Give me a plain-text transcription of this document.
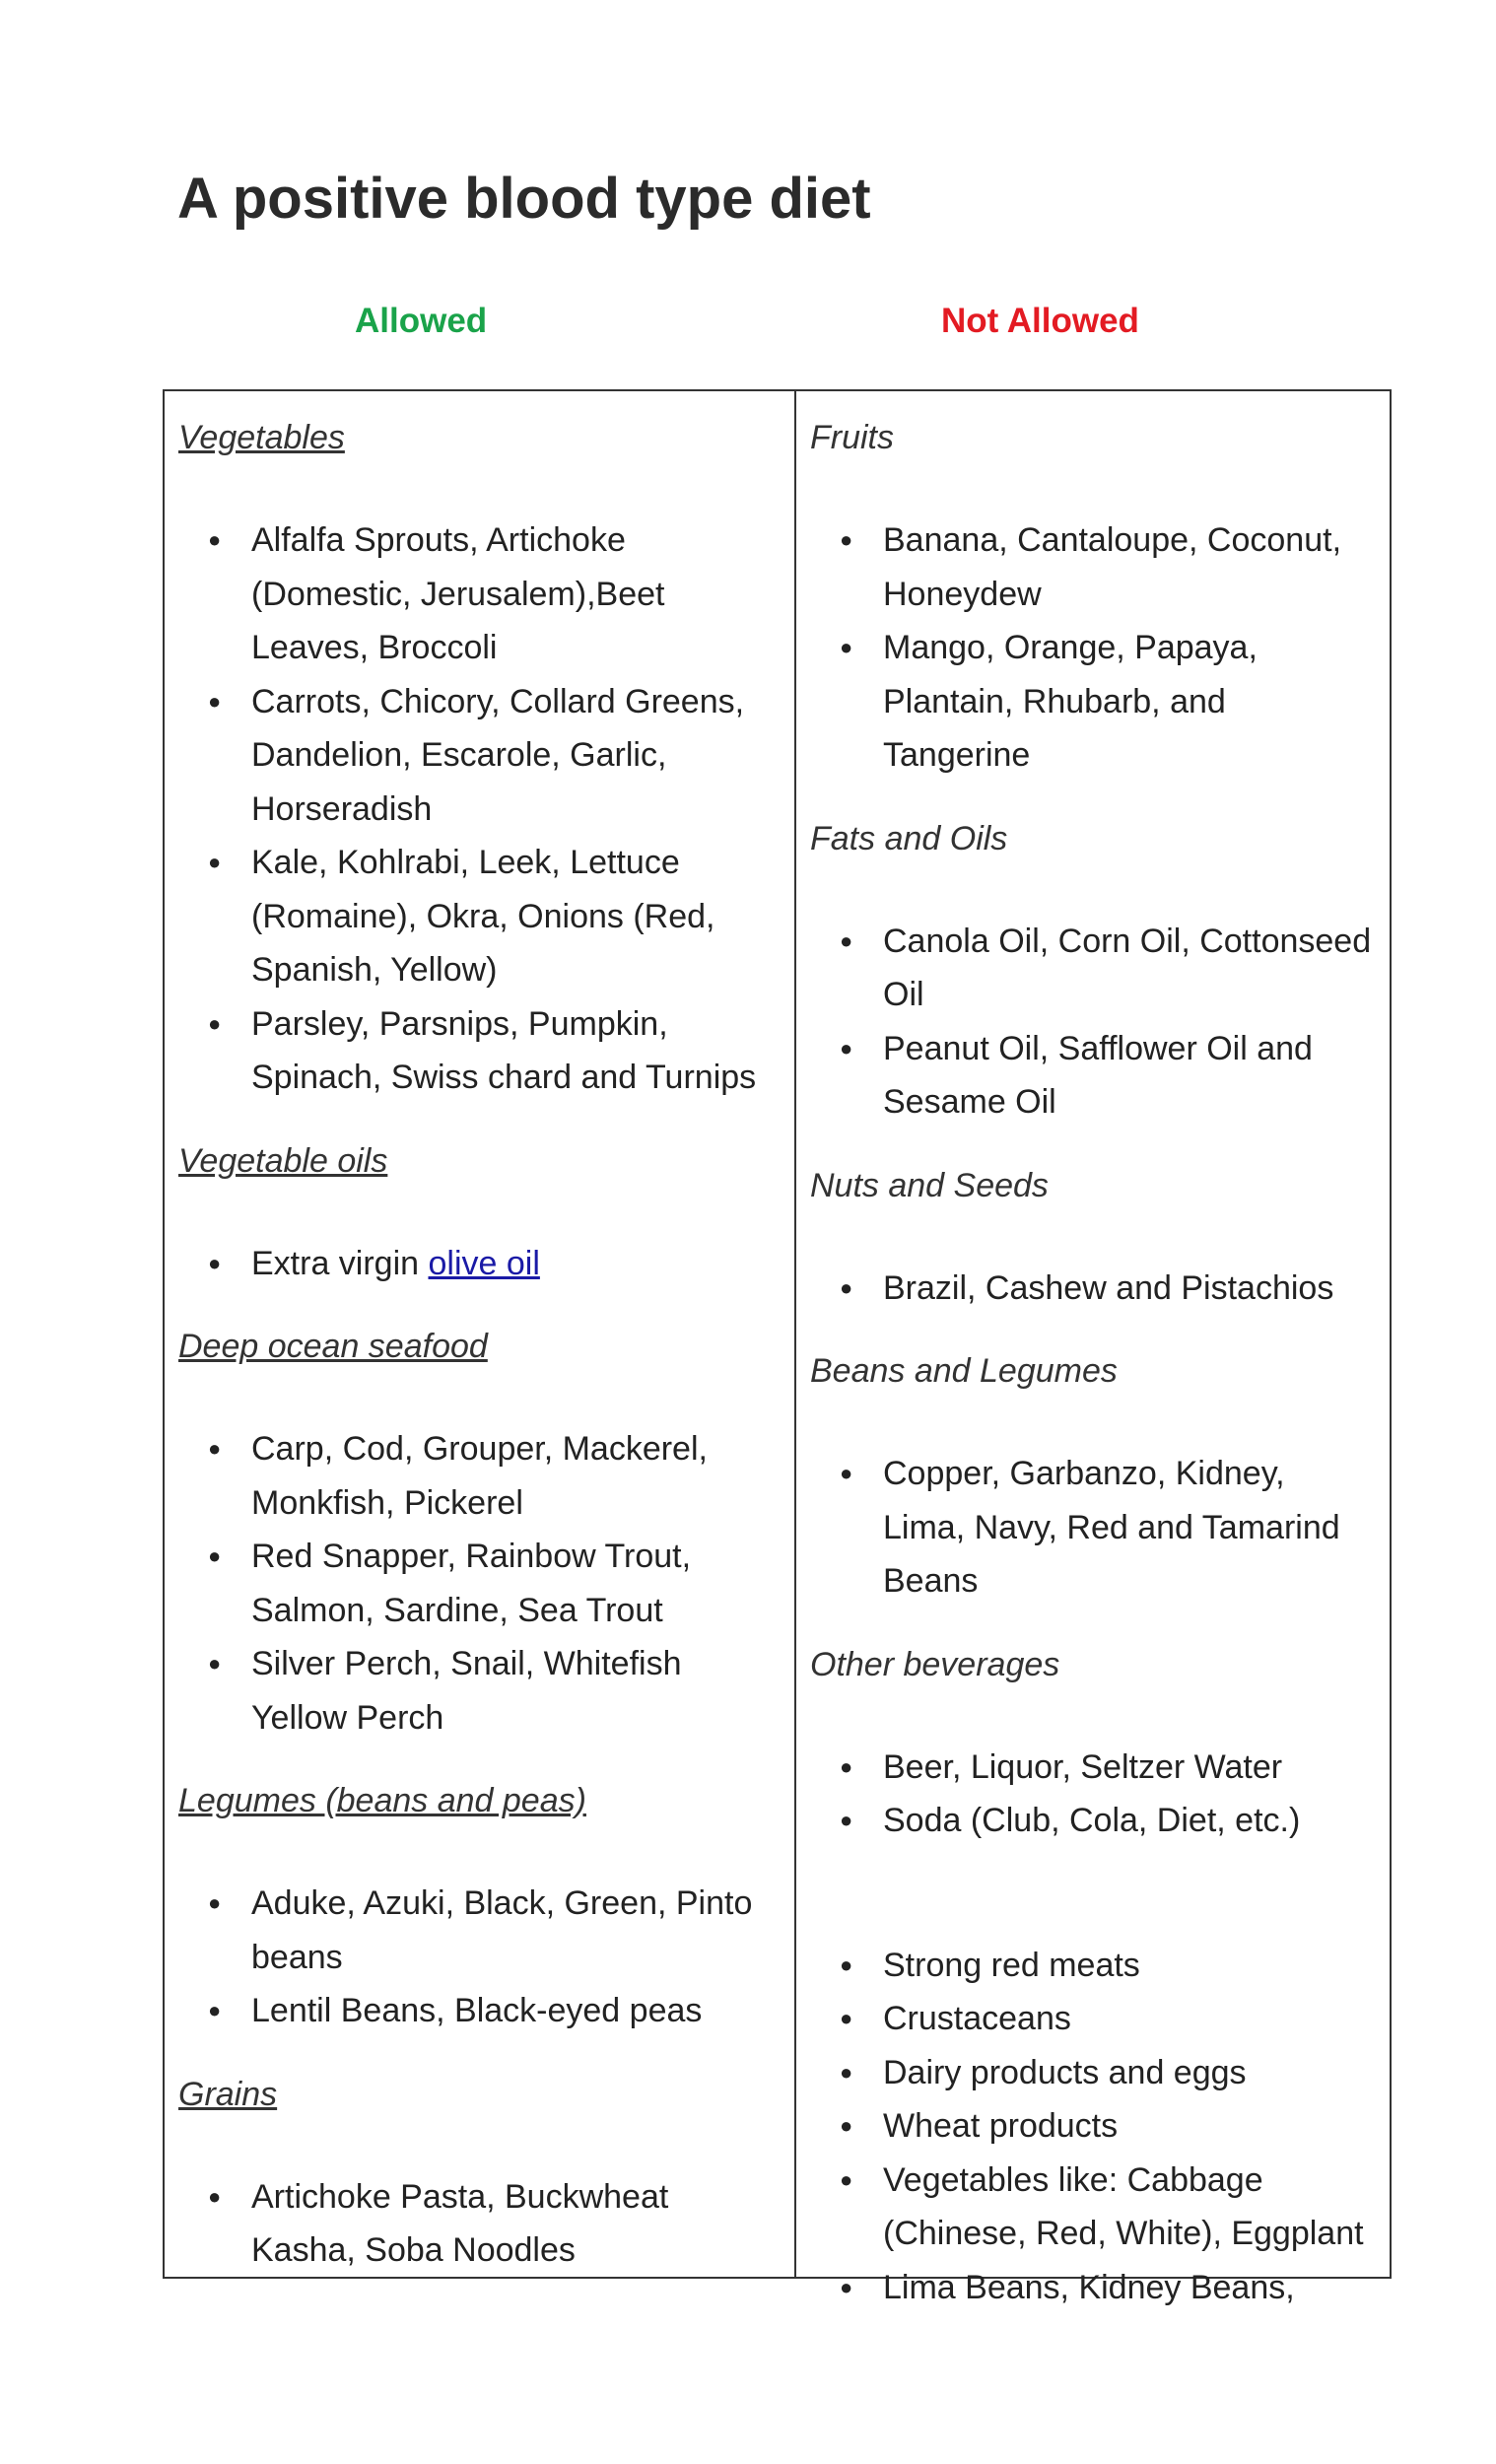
A positive blood type diet
Allowed	Not Allowed
Vegetables
● Alfalfa Sprouts, Artichoke (Domestic, Jerusalem),Beet Leaves, Broccoli
● Carrots, Chicory, Collard Greens, Dandelion, Escarole, Garlic, Horseradish
● Kale, Kohlrabi, Leek, Lettuce (Romaine), Okra, Onions (Red, Spanish, Yellow)
● Parsley, Parsnips, Pumpkin, Spinach, Swiss chard and Turnips
Vegetable oils
● Extra virgin olive oil
Deep ocean seafood
● Carp, Cod, Grouper, Mackerel, Monkfish, Pickerel
● Red Snapper, Rainbow Trout, Salmon, Sardine, Sea Trout
● Silver Perch, Snail, Whitefish Yellow Perch
Legumes (beans and peas)
● Aduke, Azuki, Black, Green, Pinto beans
● Lentil Beans, Black-eyed peas
Grains
● Artichoke Pasta, Buckwheat Kasha, Soba Noodles
Fruits
● Banana, Cantaloupe, Coconut, Honeydew
● Mango, Orange, Papaya, Plantain, Rhubarb, and Tangerine
Fats and Oils
● Canola Oil, Corn Oil, Cottonseed Oil
● Peanut Oil, Safflower Oil and Sesame Oil
Nuts and Seeds
● Brazil, Cashew and Pistachios
Beans and Legumes
● Copper, Garbanzo, Kidney, Lima, Navy, Red and Tamarind Beans
Other beverages
● Beer, Liquor, Seltzer Water
● Soda (Club, Cola, Diet, etc.)
● Strong red meats
● Crustaceans
● Dairy products and eggs
● Wheat products
● Vegetables like: Cabbage (Chinese, Red, White), Eggplant
● Lima Beans, Kidney Beans,
